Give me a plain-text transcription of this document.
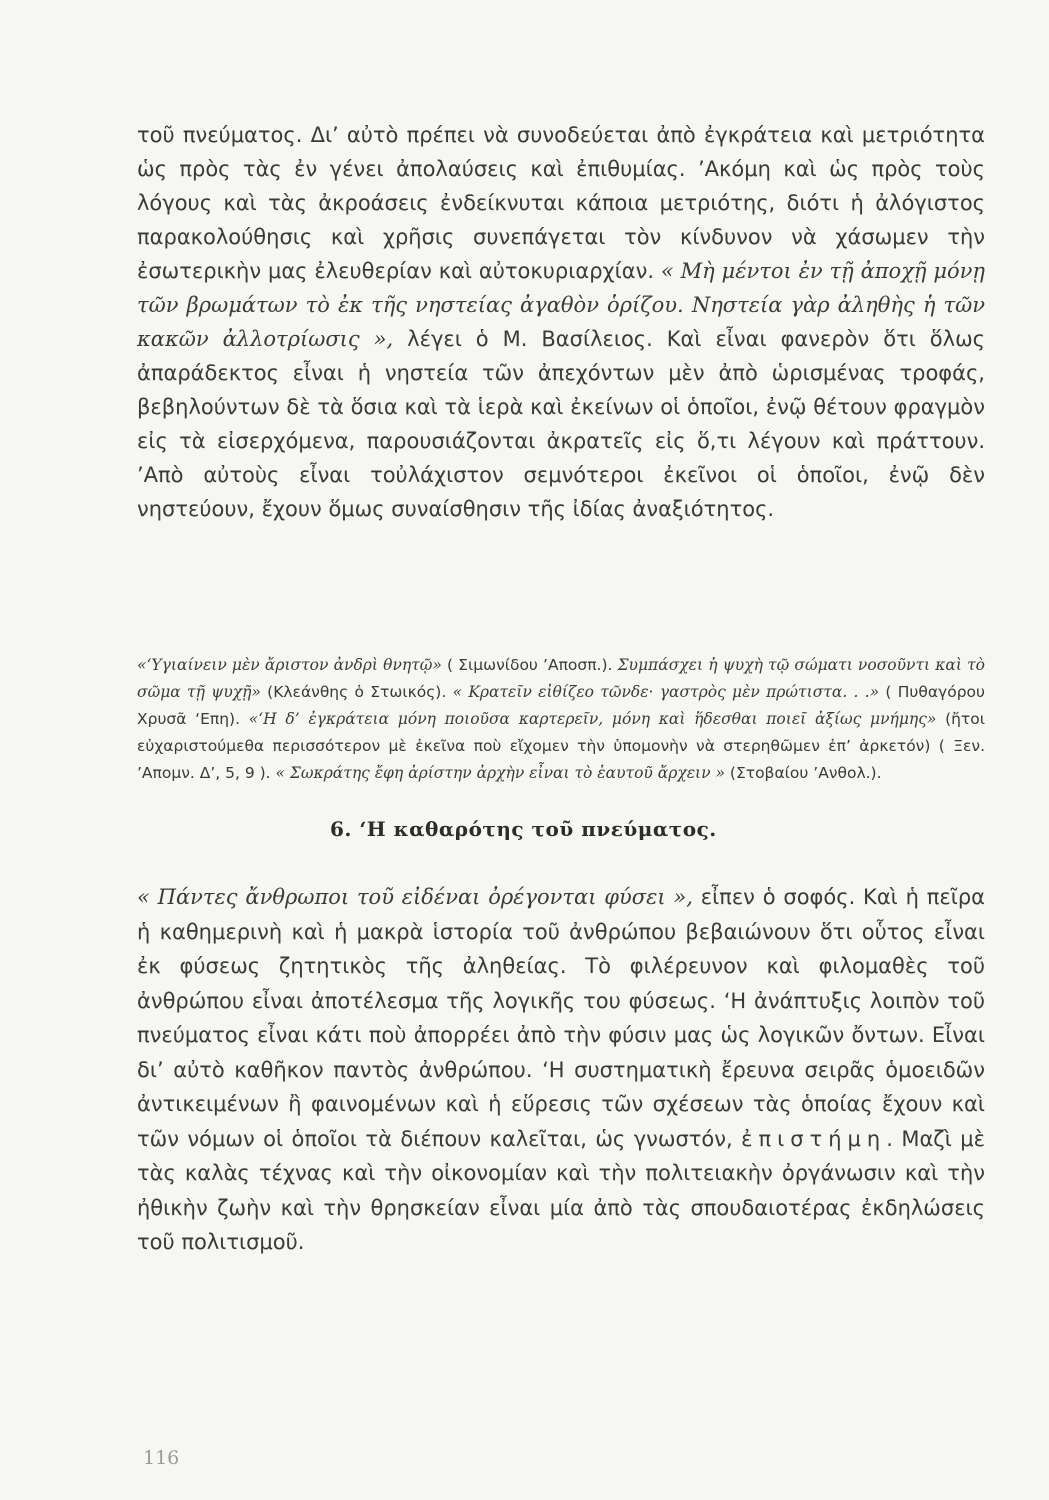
τοῦ πνεύματος. Δι’ αὐτὸ πρέπει νὰ συνοδεύεται ἀπὸ ἐγκράτεια καὶ μετριότητα ὡς πρὸς τὰς ἐν γένει ἀπολαύσεις καὶ ἐπιθυμίας. ’Ακόμη καὶ ὡς πρὸς τοὺς λόγους καὶ τὰς ἀκροάσεις ἐνδείκνυται κάποια μετριότης, διότι ἡ ἀλόγιστος παρακολούθησις καὶ χρῆσις συνεπάγεται τὸν κίνδυνον νὰ χάσωμεν τὴν ἐσωτερικὴν μας ἐλευθερίαν καὶ αὐτοκυριαρχίαν. « Μὴ μέντοι ἐν τῇ ἀποχῇ μόνῃ τῶν βρωμάτων τὸ ἐκ τῆς νηστείας ἀγαθὸν ὁρίζου. Νηστεία γὰρ ἀληθὴς ἡ τῶν κακῶν ἀλλοτρίωσις », λέγει ὁ Μ. Βασίλειος. Καὶ εἶναι φανερὸν ὅτι ὅλως ἀπαράδεκτος εἶναι ἡ νηστεία τῶν ἀπεχόντων μὲν ἀπὸ ὡρισμένας τροφάς, βεβηλούντων δὲ τὰ ὅσια καὶ τὰ ἱερὰ καὶ ἐκείνων οἱ ὁποῖοι, ἐνῷ θέτουν φραγμὸν εἰς τὰ εἰσερχόμενα, παρουσιάζονται ἀκρατεῖς εἰς ὅ,τι λέγουν καὶ πράττουν. ’Απὸ αὐτοὺς εἶναι τοὐλάχιστον σεμνότεροι ἐκεῖνοι οἱ ὁποῖοι, ἐνῷ δὲν νηστεύουν, ἔχουν ὅμως συναίσθησιν τῆς ἰδίας ἀναξιότητος.

«‘Υγιαίνειν μὲν ἄριστον ἀνδρὶ θνητῷ» ( Σιμωνίδου ’Αποσπ.). Συμπάσχει ἡ ψυχὴ τῷ σώματι νοσοῦντι καὶ τὸ σῶμα τῇ ψυχῇ» (Κλεάνθης ὁ Στωικός). « Κρατεῖν εἰθίζεο τῶνδε· γαστρὸς μὲν πρώτιστα. . .» ( Πυθαγόρου Χρυσᾶ ‘Επη). «‘Η δ’ ἐγκράτεια μόνη ποιοῦσα καρτερεῖν, μόνη καὶ ἥδεσθαι ποιεῖ ἀξίως μνήμης» (ἤτοι εὐχαριστούμεθα περισσότερον μὲ ἐκεῖνα ποὺ εἴχομεν τὴν ὑπομονὴν νὰ στερηθῶμεν ἐπ’ ἀρκετόν) ( Ξεν. ’Απομν. Δ’, 5, 9 ). « Σωκράτης ἔφη ἀρίστην ἀρχὴν εἶναι τὸ ἑαυτοῦ ἄρχειν » (Στοβαίου ’Ανθολ.).

6. ‘Η καθαρότης τοῦ πνεύματος.

« Πάντες ἄνθρωποι τοῦ εἰδέναι ὀρέγονται φύσει », εἶπεν ὁ σοφός. Καὶ ἡ πεῖρα ἡ καθημερινὴ καὶ ἡ μακρὰ ἱστορία τοῦ ἀνθρώπου βεβαιώνουν ὅτι οὗτος εἶναι ἐκ φύσεως ζητητικὸς τῆς ἀληθείας. Τὸ φιλέρευνον καὶ φιλομαθὲς τοῦ ἀνθρώπου εἶναι ἀποτέλεσμα τῆς λογικῆς του φύσεως. ‘Η ἀνάπτυξις λοιπὸν τοῦ πνεύματος εἶναι κάτι ποὺ ἀπορρέει ἀπὸ τὴν φύσιν μας ὡς λογικῶν ὄντων. Εἶναι δι’ αὐτὸ καθῆκον παντὸς ἀνθρώπου. ‘Η συστηματικὴ ἔρευνα σειρᾶς ὁμοειδῶν ἀντικειμένων ἢ φαινομένων καὶ ἡ εὕρεσις τῶν σχέσεων τὰς ὁποίας ἔχουν καὶ τῶν νόμων οἱ ὁποῖοι τὰ διέπουν καλεῖται, ὡς γνωστόν, ἐπιστήμη. Μαζὶ μὲ τὰς καλὰς τέχνας καὶ τὴν οἰκονομίαν καὶ τὴν πολιτειακὴν ὀργάνωσιν καὶ τὴν ἠθικὴν ζωὴν καὶ τὴν θρησκείαν εἶναι μία ἀπὸ τὰς σπουδαιοτέρας ἐκδηλώσεις τοῦ πολιτισμοῦ.

116
